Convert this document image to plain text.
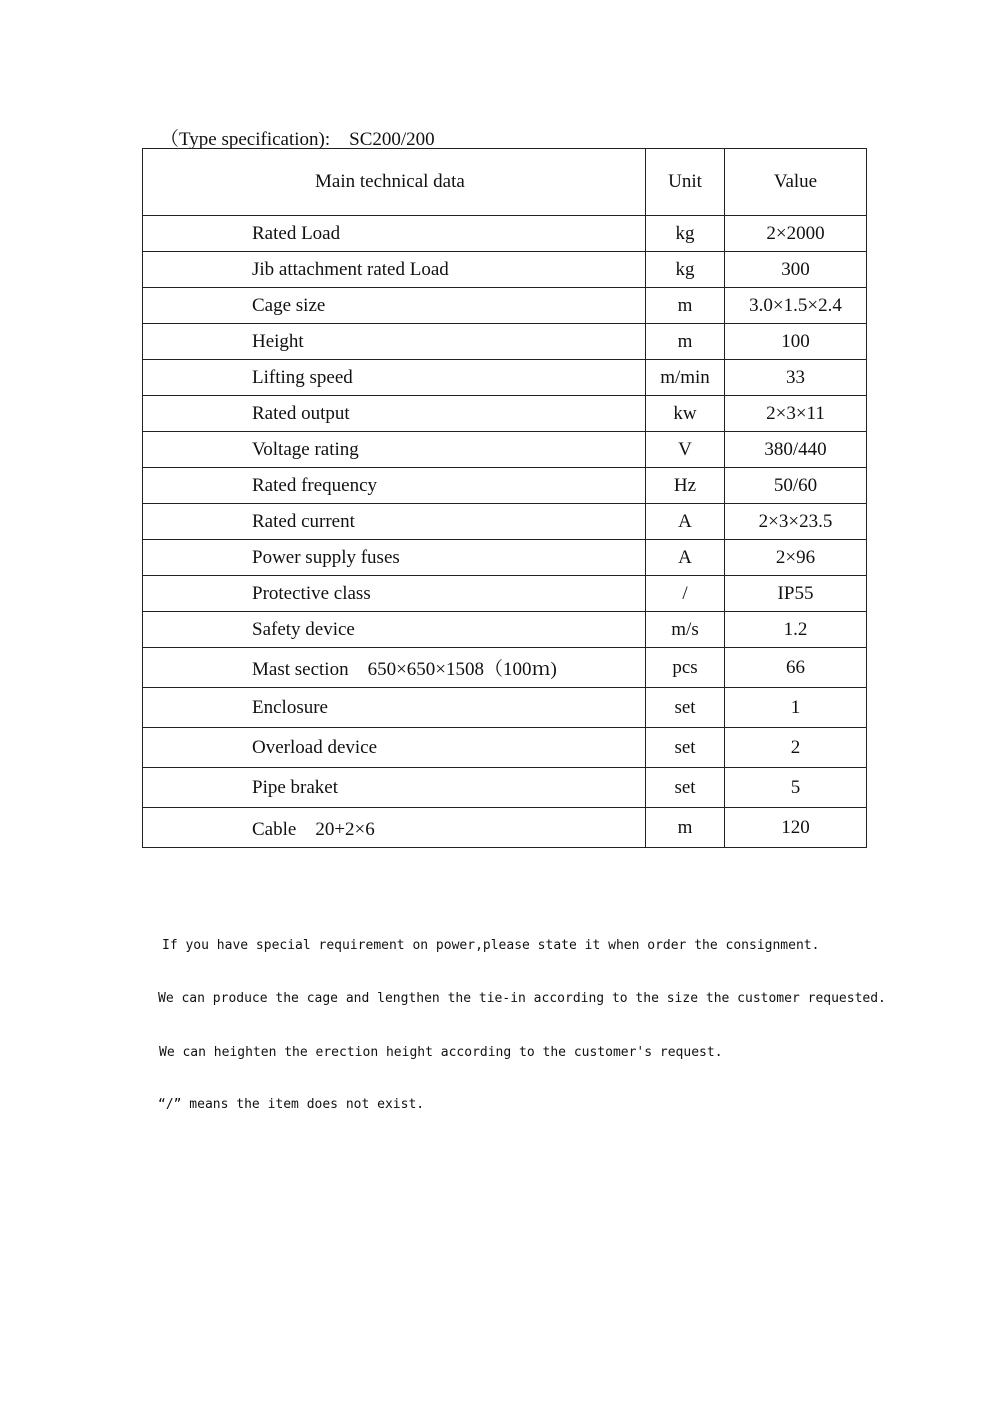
（Type specification):　SC200/200
Main technical data	Unit	Value
Rated Load	kg	2×2000
Jib attachment rated Load	kg	300
Cage size	m	3.0×1.5×2.4
Height	m	100
Lifting speed	m/min	33
Rated output	kw	2×3×11
Voltage rating	V	380/440
Rated frequency	Hz	50/60
Rated current	A	2×3×23.5
Power supply fuses	A	2×96
Protective class	/	IP55
Safety device	m/s	1.2
Mast section　650×650×1508（100ｍ)	pcs	66
Enclosure	set	1
Overload device	set	2
Pipe braket	set	5
Cable　20+2×6	m	120
If you have special requirement on power,please state it when order the consignment.
We can produce the cage and lengthen the tie-in according to the size the customer requested.
We can heighten the erection height according to the customer's request.
“/” means the item does not exist.
